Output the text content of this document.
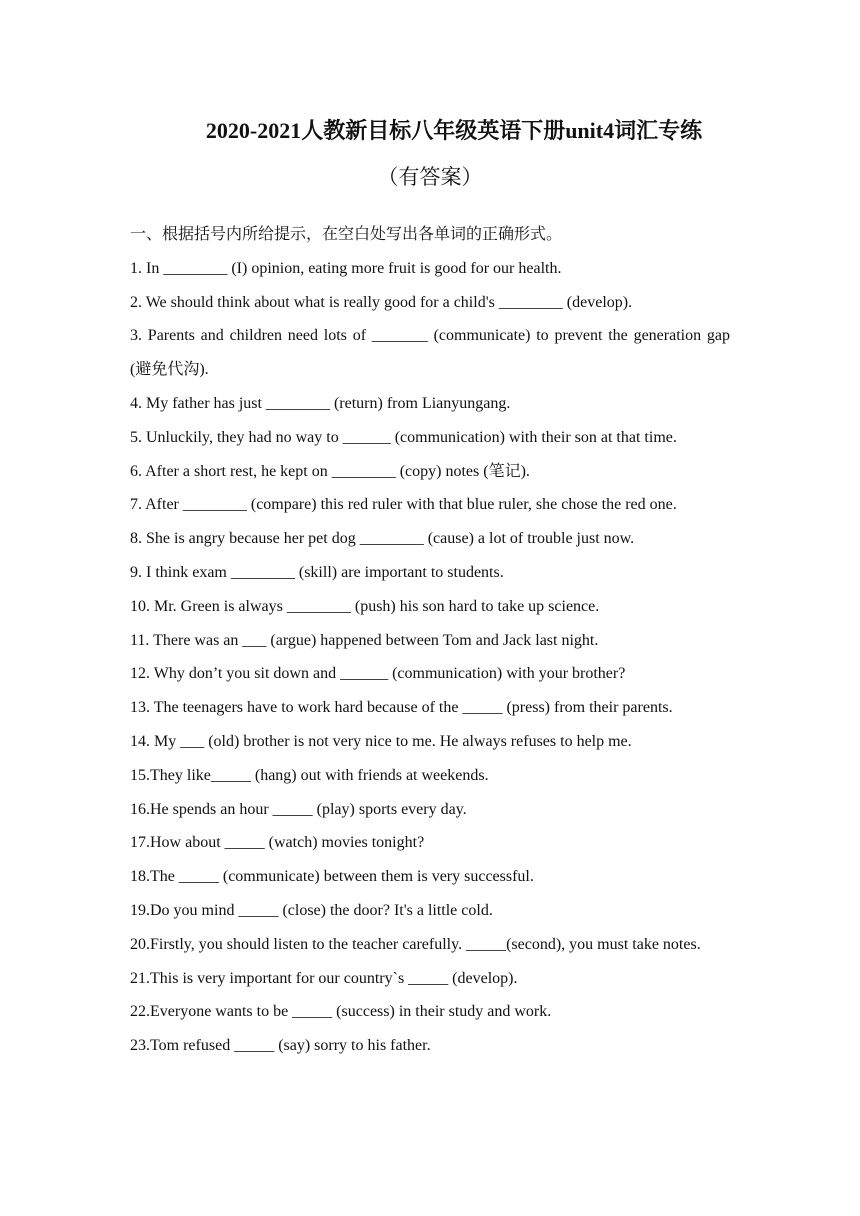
2020-2021人教新目标八年级英语下册unit4词汇专练
（有答案）
一、根据括号内所给提示，在空白处写出各单词的正确形式。
1. In ________ (I) opinion, eating more fruit is good for our health.
2. We should think about what is really good for a child's ________ (develop).
3. Parents and children need lots of _______ (communicate) to prevent the generation gap (避免代沟).
4. My father has just ________ (return) from Lianyungang.
5. Unluckily, they had no way to ______ (communication) with their son at that time.
6. After a short rest, he kept on ________ (copy) notes (笔记).
7. After ________ (compare) this red ruler with that blue ruler, she chose the red one.
8. She is angry because her pet dog ________ (cause) a lot of trouble just now.
9. I think exam ________ (skill) are important to students.
10. Mr. Green is always ________ (push) his son hard to take up science.
11. There was an ___ (argue) happened between Tom and Jack last night.
12. Why don’t you sit down and ______ (communication) with your brother?
13. The teenagers have to work hard because of the _____ (press) from their parents.
14. My ___ (old) brother is not very nice to me. He always refuses to help me.
15.They like_____ (hang) out with friends at weekends.
16.He spends an hour _____ (play) sports every day.
17.How about _____ (watch) movies tonight?
18.The _____ (communicate) between them is very successful.
19.Do you mind _____ (close) the door? It's a little cold.
20.Firstly, you should listen to the teacher carefully. _____(second), you must take notes.
21.This is very important for our country`s _____ (develop).
22.Everyone wants to be _____ (success) in their study and work.
23.Tom refused _____ (say) sorry to his father.
